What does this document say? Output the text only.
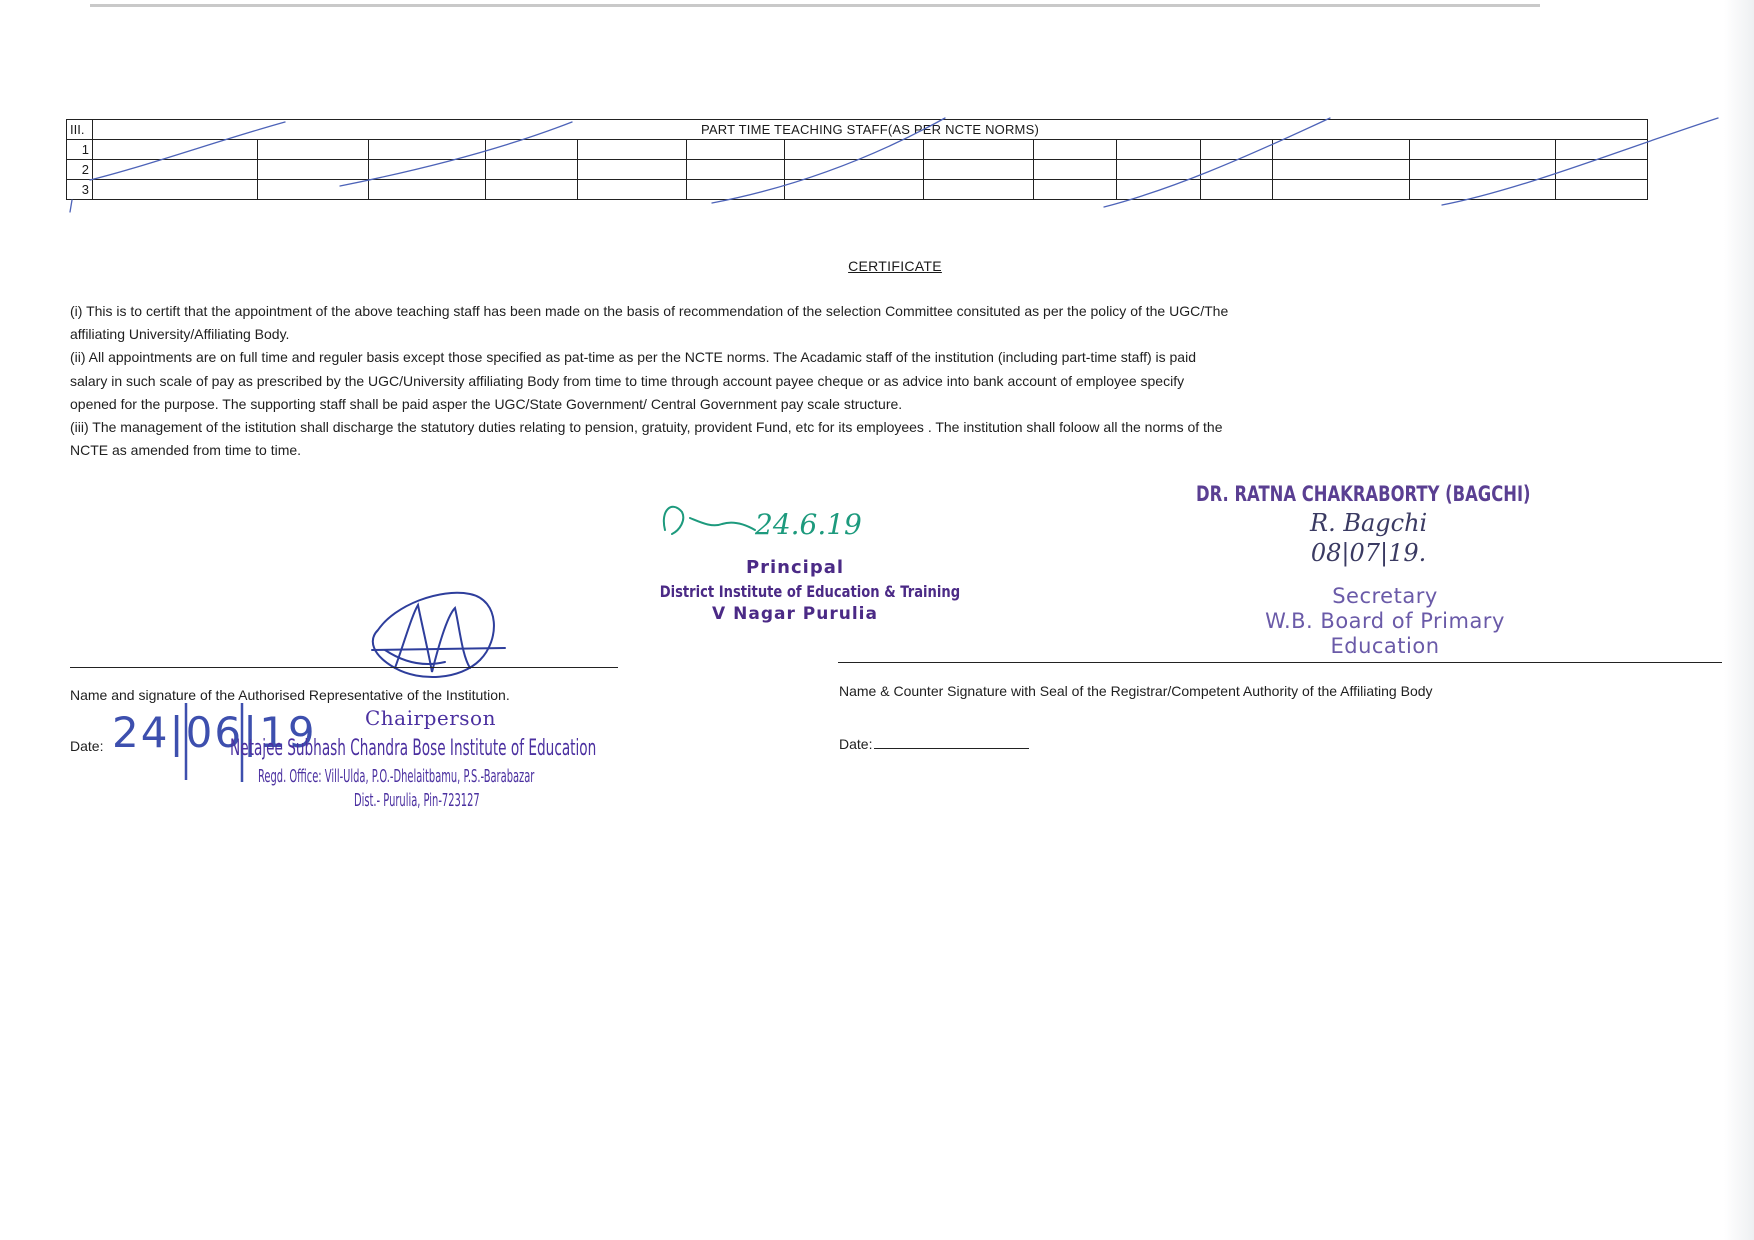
III.	PART TIME TEACHING STAFF(AS PER NCTE NORMS)													
1														
2														
3														
CERTIFICATE

(i) This is to certift that the appointment of the above teaching staff has been made on the basis of recommendation of the selection Committee consituted as per the policy of the UGC/The affiliating University/Affiliating Body.

(ii) All appointments are on full time and reguler basis except those specified as pat-time as per the NCTE norms. The Acadamic staff of the institution (including part-time staff) is paid salary in such scale of pay as prescribed by the UGC/University affiliating Body from time to time through account payee cheque or as advice into bank account of employee specify opened for the purpose. The supporting staff shall be paid asper the UGC/State Government/ Central Government pay scale structure.

(iii) The management of the istitution shall discharge the statutory duties relating to pension, gratuity, provident Fund, etc for its employees . The institution shall foloow all the norms of the NCTE as amended from time to time.

24.6.19
Principal
District Institute of Education & Training
V Nagar Purulia
DR. RATNA CHAKRABORTY (BAGCHI)
R. Bagchi
08|07|19.
Secretary
W.B. Board of Primary
Education
Name and signature of the Authorised Representative of the Institution.	Name & Counter Signature with Seal of the Registrar/Competent Authority of the Affiliating Body
Date: 24|06|19	Date:
Chairperson
Netajee Subhash Chandra Bose Institute of Education
Regd. Office: Vill-Ulda, P.O.-Dhelaitbamu, P.S.-Barabazar
Dist.- Purulia, Pin-723127
